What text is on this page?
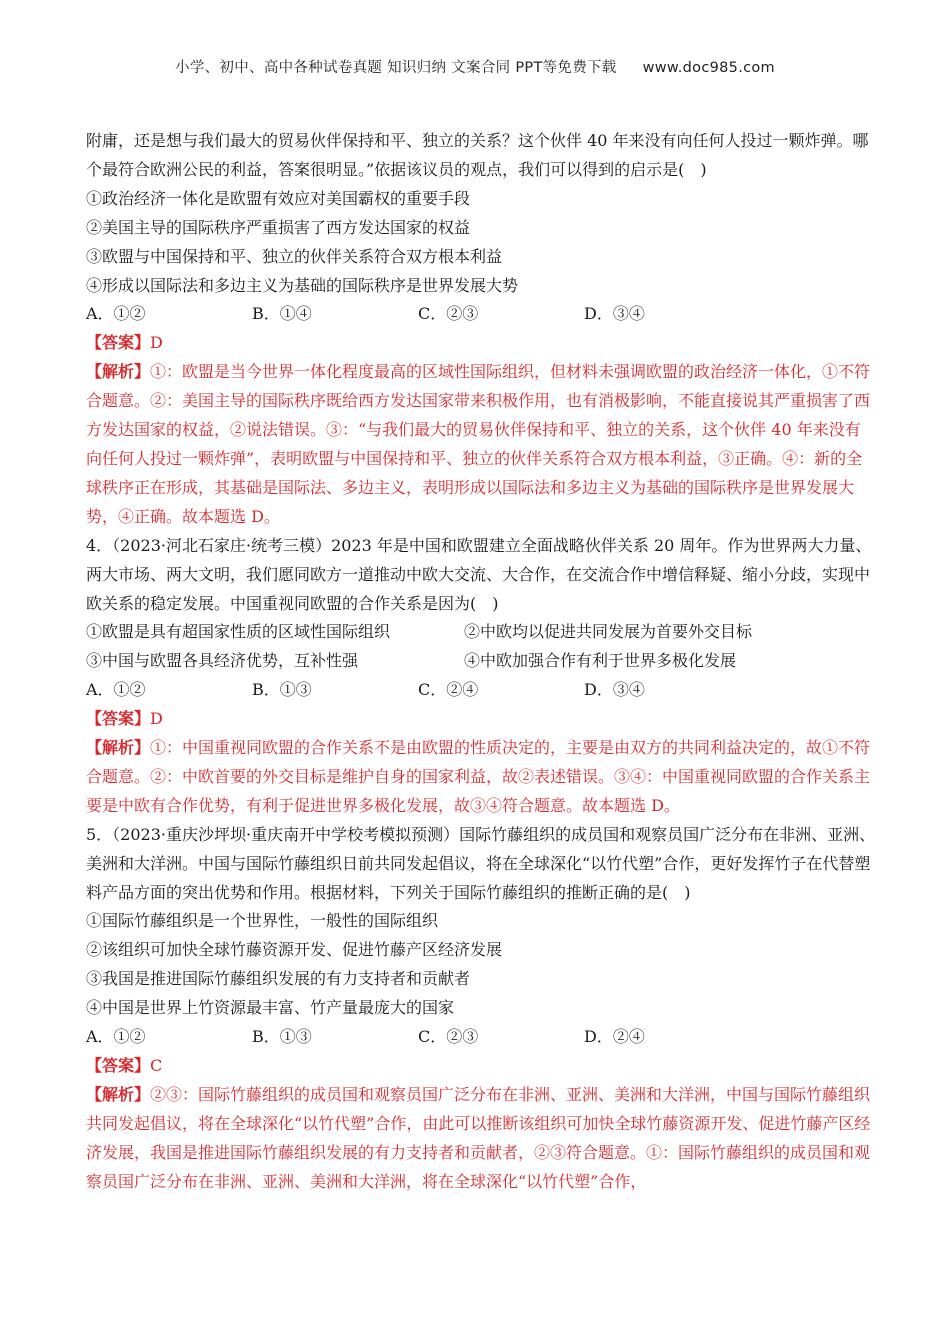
小学、初中、高中各种试卷真题 知识归纳 文案合同 PPT等免费下载 www.doc985.com

附庸，还是想与我们最大的贸易伙伴保持和平、独立的关系？这个伙伴 40 年来没有向任何人投过一颗炸弹。哪个最符合欧洲公民的利益，答案很明显。”依据该议员的观点，我们可以得到的启示是(　)

①政治经济一体化是欧盟有效应对美国霸权的重要手段

②美国主导的国际秩序严重损害了西方发达国家的权益

③欧盟与中国保持和平、独立的伙伴关系符合双方根本利益

④形成以国际法和多边主义为基础的国际秩序是世界发展大势

A．①②	B．①④	C．②③	D．③④

【答案】D

【解析】①：欧盟是当今世界一体化程度最高的区域性国际组织，但材料未强调欧盟的政治经济一体化，①不符合题意。②：美国主导的国际秩序既给西方发达国家带来积极作用，也有消极影响，不能直接说其严重损害了西方发达国家的权益，②说法错误。③：“与我们最大的贸易伙伴保持和平、独立的关系，这个伙伴 40 年来没有向任何人投过一颗炸弹”，表明欧盟与中国保持和平、独立的伙伴关系符合双方根本利益，③正确。④：新的全球秩序正在形成，其基础是国际法、多边主义，表明形成以国际法和多边主义为基础的国际秩序是世界发展大势，④正确。故本题选 D。

4．（2023·河北石家庄·统考三模）2023 年是中国和欧盟建立全面战略伙伴关系 20 周年。作为世界两大力量、两大市场、两大文明，我们愿同欧方一道推动中欧大交流、大合作，在交流合作中增信释疑、缩小分歧，实现中欧关系的稳定发展。中国重视同欧盟的合作关系是因为(　)

①欧盟是具有超国家性质的区域性国际组织	②中欧均以促进共同发展为首要外交目标
③中国与欧盟各具经济优势，互补性强	④中欧加强合作有利于世界多极化发展
A．①②	B．①③	C．②④	D．③④

【答案】D

【解析】①：中国重视同欧盟的合作关系不是由欧盟的性质决定的，主要是由双方的共同利益决定的，故①不符合题意。②：中欧首要的外交目标是维护自身的国家利益，故②表述错误。③④：中国重视同欧盟的合作关系主要是中欧有合作优势，有利于促进世界多极化发展，故③④符合题意。故本题选 D。

5．（2023·重庆沙坪坝·重庆南开中学校考模拟预测）国际竹藤组织的成员国和观察员国广泛分布在非洲、亚洲、美洲和大洋洲。中国与国际竹藤组织日前共同发起倡议，将在全球深化“以竹代塑”合作，更好发挥竹子在代替塑料产品方面的突出优势和作用。根据材料，下列关于国际竹藤组织的推断正确的是(　)

①国际竹藤组织是一个世界性，一般性的国际组织

②该组织可加快全球竹藤资源开发、促进竹藤产区经济发展

③我国是推进国际竹藤组织发展的有力支持者和贡献者

④中国是世界上竹资源最丰富、竹产量最庞大的国家

A．①②	B．①③	C．②③	D．②④

【答案】C

【解析】②③：国际竹藤组织的成员国和观察员国广泛分布在非洲、亚洲、美洲和大洋洲，中国与国际竹藤组织共同发起倡议，将在全球深化“以竹代塑”合作，由此可以推断该组织可加快全球竹藤资源开发、促进竹藤产区经济发展，我国是推进国际竹藤组织发展的有力支持者和贡献者，②③符合题意。①：国际竹藤组织的成员国和观察员国广泛分布在非洲、亚洲、美洲和大洋洲，将在全球深化“以竹代塑”合作，
